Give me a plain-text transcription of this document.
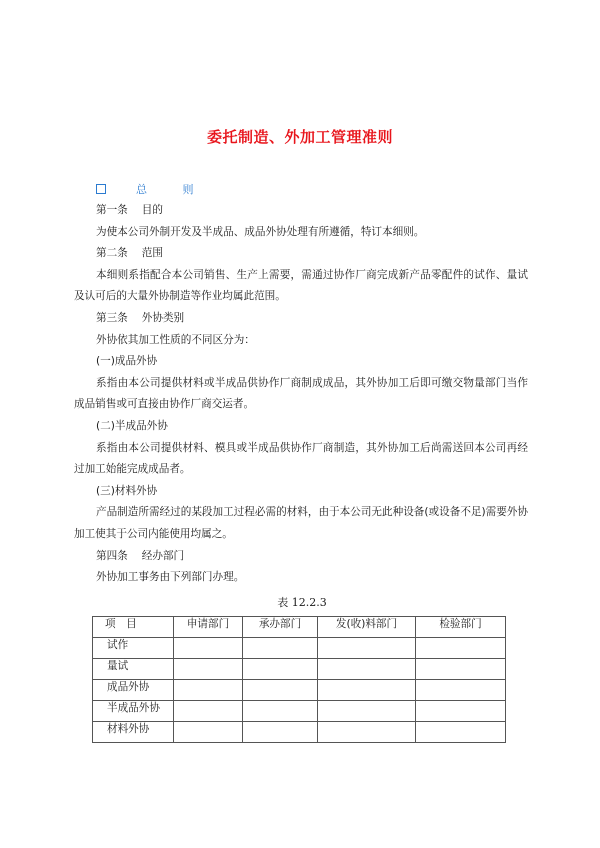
委托制造、外加工管理准则
总 则

第一条 目的

为使本公司外制开发及半成品、成品外协处理有所遵循，特订本细则。

第二条 范围

本细则系指配合本公司销售、生产上需要，需通过协作厂商完成新产品零配件的试作、量试及认可后的大量外协制造等作业均属此范围。

第三条 外协类别

外协依其加工性质的不同区分为：

(一)成品外协

系指由本公司提供材料或半成品供协作厂商制成成品，其外协加工后即可缴交物量部门当作成品销售或可直接由协作厂商交运者。

(二)半成品外协

系指由本公司提供材料、模具或半成品供协作厂商制造，其外协加工后尚需送回本公司再经过加工始能完成成品者。

(三)材料外协

产品制造所需经过的某段加工过程必需的材料，由于本公司无此种设备(或设备不足)需要外协加工使其于公司内能使用均属之。

第四条 经办部门

外协加工事务由下列部门办理。

表 12.2.3
项　目	申请部门	承办部门	发(收)料部门	检验部门
试作				
量试				
成品外协				
半成品外协				
材料外协				
